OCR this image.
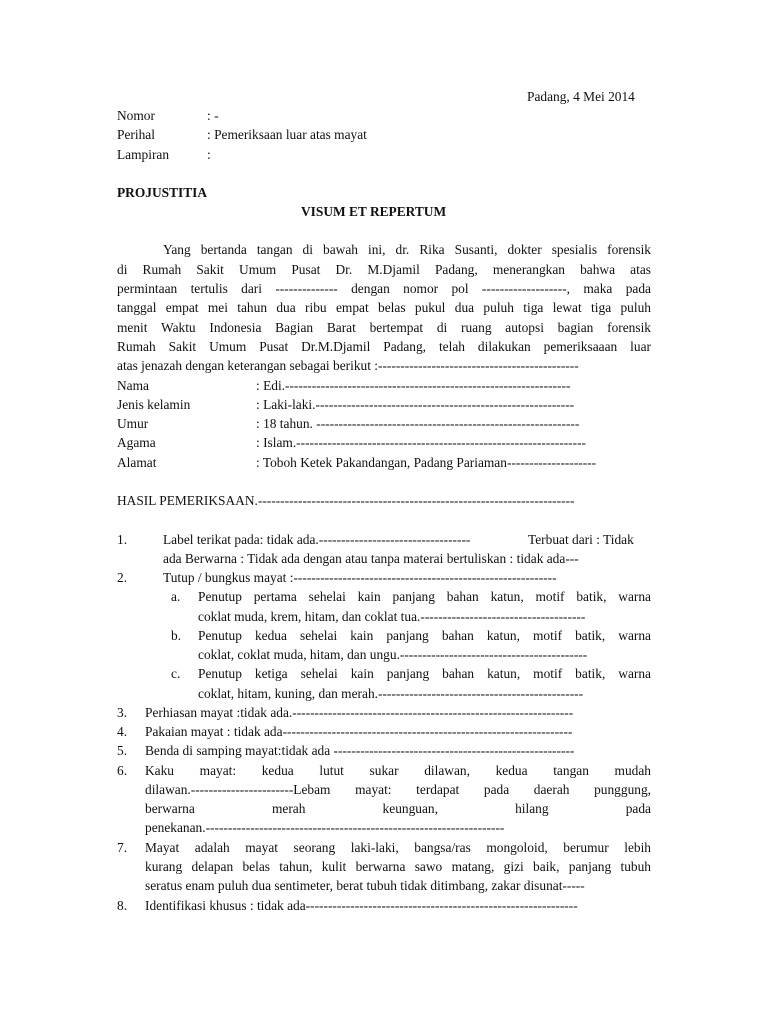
Padang, 4 Mei 2014
Nomor	: -
Perihal	: Pemeriksaan luar atas mayat
Lampiran	:
PROJUSTITIA
VISUM ET REPERTUM
Yang bertanda tangan di bawah ini, dr. Rika Susanti, dokter spesialis forensik
di Rumah Sakit Umum Pusat Dr. M.Djamil Padang, menerangkan bahwa atas
permintaan tertulis dari -------------- dengan nomor pol -------------------, maka pada
tanggal empat mei tahun dua ribu empat belas pukul dua puluh tiga lewat tiga puluh
menit Waktu Indonesia Bagian Barat bertempat di ruang autopsi bagian forensik
Rumah Sakit Umum Pusat Dr.M.Djamil Padang, telah dilakukan pemeriksaaan luar
atas jenazah dengan keterangan sebagai berikut :---------------------------------------------
Nama	: Edi.----------------------------------------------------------------
Jenis kelamin	: Laki-laki.----------------------------------------------------------
Umur	: 18 tahun. -----------------------------------------------------------
Agama	: Islam.-----------------------------------------------------------------
Alamat	: Toboh Ketek Pakandangan, Padang Pariaman--------------------
HASIL PEMERIKSAAN.-----------------------------------------------------------------------
1.	Label terikat pada: tidak ada.----------------------------------	Terbuat dari : Tidak
ada Berwarna : Tidak ada dengan atau tanpa materai bertuliskan : tidak ada---
2.	Tutup / bungkus mayat :-----------------------------------------------------------
a. Penutup pertama sehelai kain panjang bahan katun, motif batik, warna
coklat muda, krem, hitam, dan coklat tua.-------------------------------------
b. Penutup kedua sehelai kain panjang bahan katun, motif batik, warna
coklat, coklat muda, hitam, dan ungu.------------------------------------------
c. Penutup ketiga sehelai kain panjang bahan katun, motif batik, warna
coklat, hitam, kuning, dan merah.----------------------------------------------
3. Perhiasan mayat :tidak ada.---------------------------------------------------------------
4. Pakaian mayat : tidak ada-----------------------------------------------------------------
5. Benda di samping mayat:tidak ada ------------------------------------------------------
6. Kaku mayat: kedua lutut sukar dilawan, kedua tangan mudah
dilawan.-----------------------Lebam mayat: terdapat pada daerah punggung,
berwarna merah keunguan, hilang pada
penekanan.-------------------------------------------------------------------
7. Mayat adalah mayat seorang laki-laki, bangsa/ras mongoloid, berumur lebih
kurang delapan belas tahun, kulit berwarna sawo matang, gizi baik, panjang tubuh
seratus enam puluh dua sentimeter, berat tubuh tidak ditimbang, zakar disunat-----
8. Identifikasi khusus : tidak ada-------------------------------------------------------------
